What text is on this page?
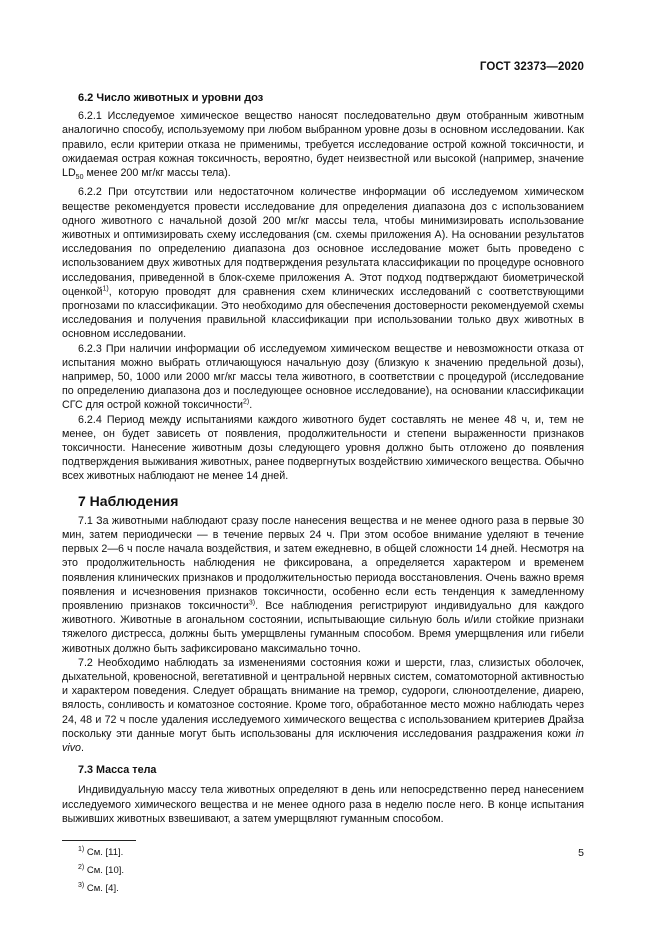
ГОСТ 32373—2020
6.2 Число животных и уровни доз

6.2.1 Исследуемое химическое вещество наносят последовательно двум отобранным животным аналогично способу, используемому при любом выбранном уровне дозы в основном исследовании. Как правило, если критерии отказа не применимы, требуется исследование острой кожной токсичности, и ожидаемая острая кожная токсичность, вероятно, будет неизвестной или высокой (например, значение $LD_{50}$ менее 200 мг/кг массы тела).

6.2.2 При отсутствии или недостаточном количестве информации об исследуемом химическом веществе рекомендуется провести исследование для определения диапазона доз с использованием одного животного с начальной дозой 200 мг/кг массы тела, чтобы минимизировать использование животных и оптимизировать схему исследования (см. схемы приложения А). На основании результатов исследования по определению диапазона доз основное исследование может быть проведено с использованием двух животных для подтверждения результата классификации по процедуре основного исследования, приведенной в блок-схеме приложения А. Этот подход подтверждают биометрической оценкой$^{1)}$, которую проводят для сравнения схем клинических исследований с соответствующими прогнозами по классификации. Это необходимо для обеспечения достоверности рекомендуемой схемы исследования и получения правильной классификации при использовании только двух животных в основном исследовании.

6.2.3 При наличии информации об исследуемом химическом веществе и невозможности отказа от испытания можно выбрать отличающуюся начальную дозу (близкую к значению предельной дозы), например, 50, 1000 или 2000 мг/кг массы тела животного, в соответствии с процедурой (исследование по определению диапазона доз и последующее основное исследование), на основании классификации СГС для острой кожной токсичности$^{2)}$.

6.2.4 Период между испытаниями каждого животного будет составлять не менее 48 ч, и, тем не менее, он будет зависеть от появления, продолжительности и степени выраженности признаков токсичности. Нанесение животным дозы следующего уровня должно быть отложено до появления подтверждения выживания животных, ранее подвергнутых воздействию химического вещества. Обычно всех животных наблюдают не менее 14 дней.

7 Наблюдения

7.1 За животными наблюдают сразу после нанесения вещества и не менее одного раза в первые 30 мин, затем периодически — в течение первых 24 ч. При этом особое внимание уделяют в течение первых 2—6 ч после начала воздействия, и затем ежедневно, в общей сложности 14 дней. Несмотря на это продолжительность наблюдения не фиксирована, а определяется характером и временем появления клинических признаков и продолжительностью периода восстановления. Очень важно время появления и исчезновения признаков токсичности, особенно если есть тенденция к замедленному проявлению признаков токсичности$^{3)}$. Все наблюдения регистрируют индивидуально для каждого животного. Животные в агональном состоянии, испытывающие сильную боль и/или стойкие признаки тяжелого дистресса, должны быть умерщвлены гуманным способом. Время умерщвления или гибели животных должно быть зафиксировано максимально точно.

7.2 Необходимо наблюдать за изменениями состояния кожи и шерсти, глаз, слизистых оболочек, дыхательной, кровеносной, вегетативной и центральной нервных систем, соматомоторной активностью и характером поведения. Следует обращать внимание на тремор, судороги, слюноотделение, диарею, вялость, сонливость и коматозное состояние. Кроме того, обработанное место можно наблюдать через 24, 48 и 72 ч после удаления исследуемого химического вещества с использованием критериев Драйза поскольку эти данные могут быть использованы для исключения исследования раздражения кожи in vivo.

7.3 Масса тела

Индивидуальную массу тела животных определяют в день или непосредственно перед нанесением исследуемого химического вещества и не менее одного раза в неделю после него. В конце испытания выживших животных взвешивают, а затем умерщвляют гуманным способом.

$^{1)}$ См. [11].
$^{2)}$ См. [10].
$^{3)}$ См. [4].
5
